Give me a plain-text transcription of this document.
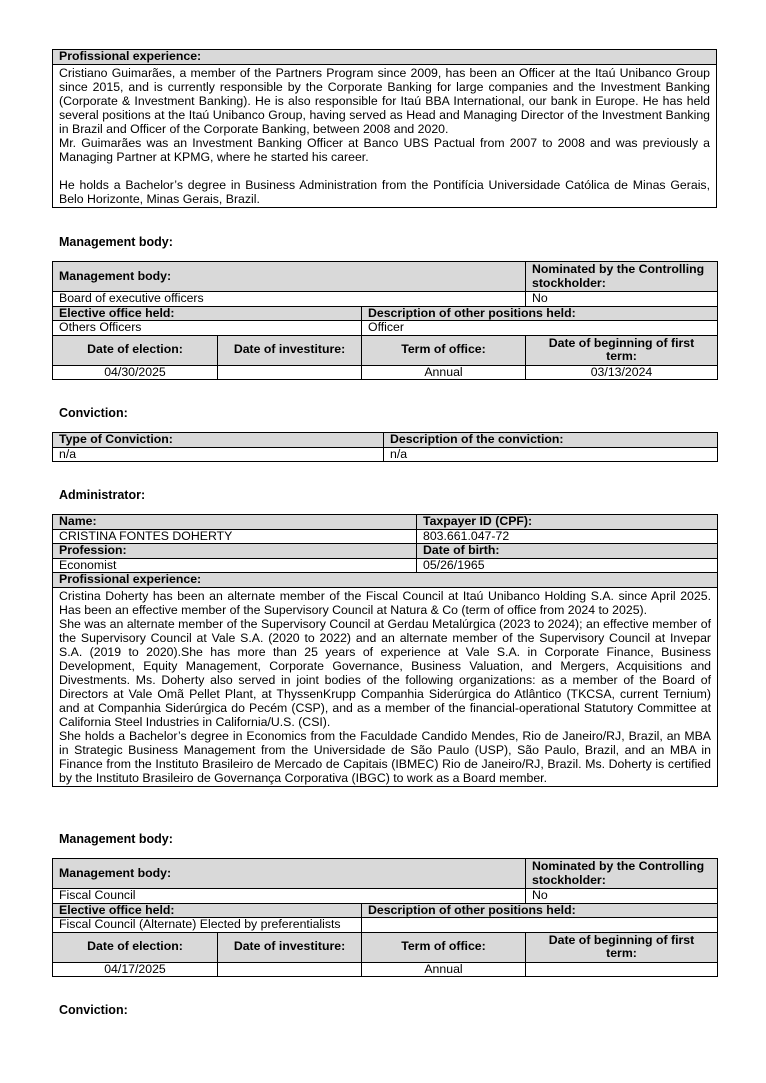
Profissional experience:

Cristiano Guimarães, a member of the Partners Program since 2009, has been an Officer at the Itaú Unibanco Group since 2015, and is currently responsible by the Corporate Banking for large companies and the Investment Banking (Corporate & Investment Banking). He is also responsible for Itaú BBA International, our bank in Europe. He has held several positions at the Itaú Unibanco Group, having served as Head and Managing Director of the Investment Banking in Brazil and Officer of the Corporate Banking, between 2008 and 2020.

Mr. Guimarães was an Investment Banking Officer at Banco UBS Pactual from 2007 to 2008 and was previously a Managing Partner at KPMG, where he started his career.

He holds a Bachelor’s degree in Business Administration from the Pontifícia Universidade Católica de Minas Gerais, Belo Horizonte, Minas Gerais, Brazil.

Management body:
Management body:			Nominated by the Controlling stockholder:
Board of executive officers			No
Elective office held:		Description of other positions held:	
Others Officers		Officer	
Date of election:	Date of investiture:	Term of office:	Date of beginning of first term:
04/30/2025		Annual	03/13/2024
Conviction:
Type of Conviction:	Description of the conviction:
n/a	n/a
Administrator:
Name:	Taxpayer ID (CPF):
CRISTINA FONTES DOHERTY	803.661.047-72
Profession:	Date of birth:
Economist	05/26/1965
Profissional experience:	

Cristina Doherty has been an alternate member of the Fiscal Council at Itaú Unibanco Holding S.A. since April 2025. Has been an effective member of the Supervisory Council at Natura & Co (term of office from 2024 to 2025).

She was an alternate member of the Supervisory Council at Gerdau Metalúrgica (2023 to 2024); an effective member of the Supervisory Council at Vale S.A. (2020 to 2022) and an alternate member of the Supervisory Council at Invepar S.A. (2019 to 2020).She has more than 25 years of experience at Vale S.A. in Corporate Finance, Business Development, Equity Management, Corporate Governance, Business Valuation, and Mergers, Acquisitions and Divestments. Ms. Doherty also served in joint bodies of the following organizations: as a member of the Board of Directors at Vale Omã Pellet Plant, at ThyssenKrupp Companhia Siderúrgica do Atlântico (TKCSA, current Ternium) and at Companhia Siderúrgica do Pecém (CSP), and as a member of the financial-operational Statutory Committee at California Steel Industries in California/U.S. (CSI).

She holds a Bachelor’s degree in Economics from the Faculdade Candido Mendes, Rio de Janeiro/RJ, Brazil, an MBA in Strategic Business Management from the Universidade de São Paulo (USP), São Paulo, Brazil, and an MBA in Finance from the Instituto Brasileiro de Mercado de Capitais (IBMEC) Rio de Janeiro/RJ, Brazil. Ms. Doherty is certified by the Instituto Brasileiro de Governança Corporativa (IBGC) to work as a Board member.	

Management body:
Management body:			Nominated by the Controlling stockholder:
Fiscal Council			No
Elective office held:		Description of other positions held:	
Fiscal Council (Alternate) Elected by preferentialists			
Date of election:	Date of investiture:	Term of office:	Date of beginning of first term:
04/17/2025		Annual	
Conviction:
